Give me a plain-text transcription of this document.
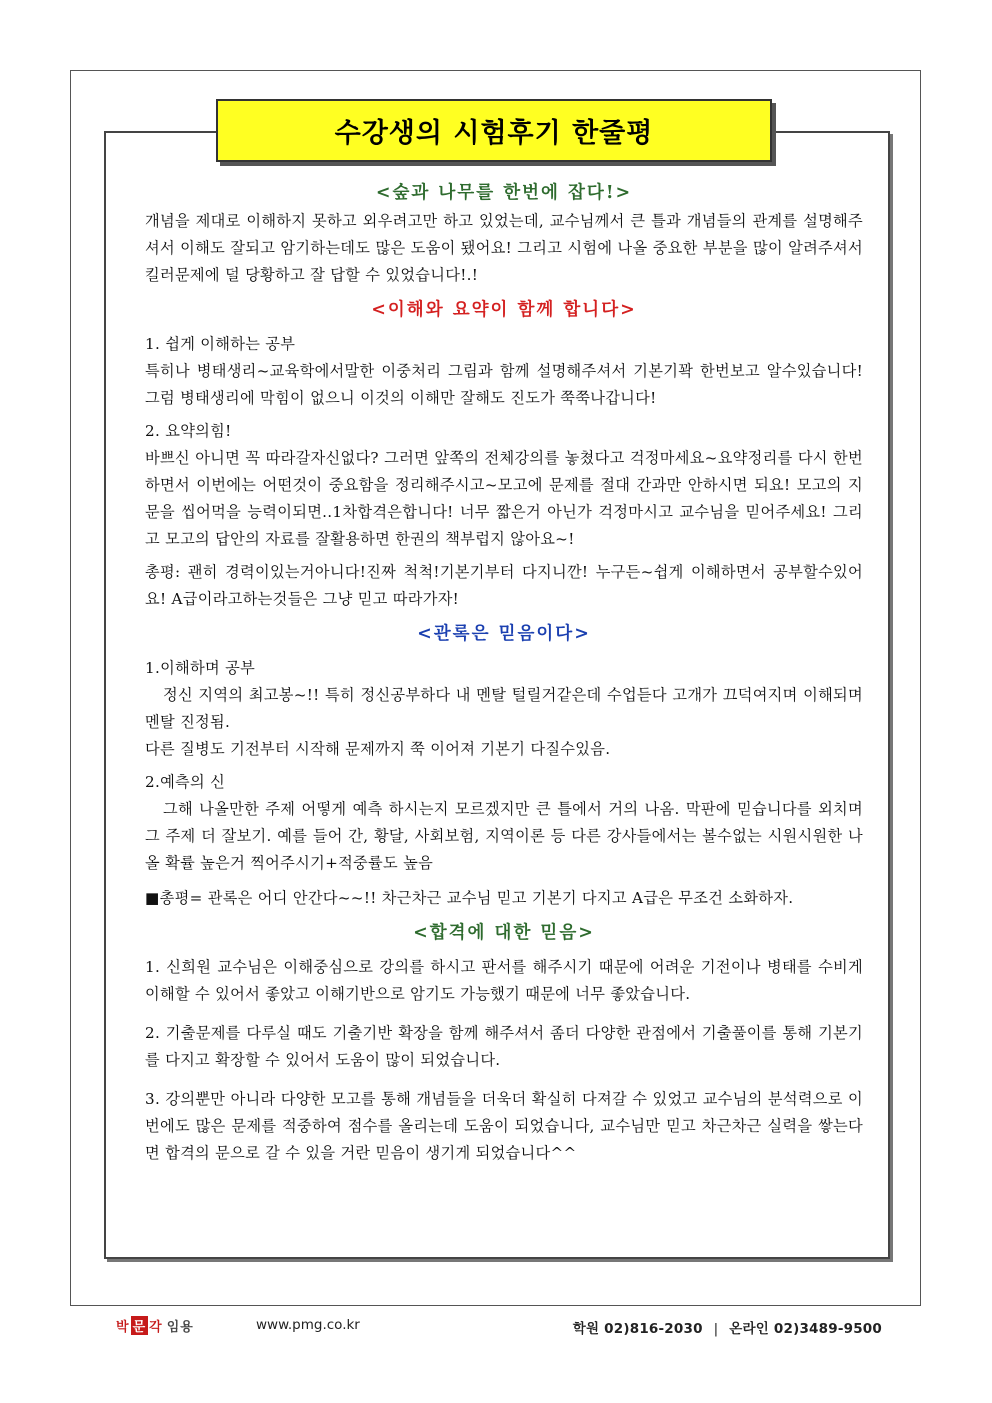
수강생의 시험후기 한줄평

<숲과 나무를 한번에 잡다!>

개념을 제대로 이해하지 못하고 외우려고만 하고 있었는데, 교수님께서 큰 틀과 개념들의 관계를 설명해주셔서 이해도 잘되고 암기하는데도 많은 도움이 됐어요! 그리고 시험에 나올 중요한 부분을 많이 알려주셔서 킬러문제에 덜 당황하고 잘 답할 수 있었습니다!.!

<이해와 요약이 함께 합니다>

1. 쉽게 이해하는 공부

특히나 병태생리~교육학에서말한 이중처리 그림과 함께 설명해주셔서 기본기꽉 한번보고 알수있습니다! 그럼 병태생리에 막힘이 없으니 이것의 이해만 잘해도 진도가 쭉쭉나갑니다!

2. 요약의힘!

바쁘신 아니면 꼭 따라갈자신없다? 그러면 앞쪽의 전체강의를 놓쳤다고 걱정마세요~요약정리를 다시 한번 하면서 이번에는 어떤것이 중요함을 정리해주시고~모고에 문제를 절대 간과만 안하시면 되요! 모고의 지문을 씹어먹을 능력이되면..1차합격은합니다! 너무 짧은거 아닌가 걱정마시고 교수님을 믿어주세요! 그리고 모고의 답안의 자료를 잘활용하면 한권의 책부럽지 않아요~!

총평: 괜히 경력이있는거아니다!진짜 척척!기본기부터 다지니깐! 누구든~쉽게 이해하면서 공부할수있어요! A급이라고하는것들은 그냥 믿고 따라가자!

<관록은 믿음이다>

1.이해하며 공부

정신 지역의 최고봉~!! 특히 정신공부하다 내 멘탈 털릴거같은데 수업듣다 고개가 끄덕여지며 이해되며 멘탈 진정됨.

다른 질병도 기전부터 시작해 문제까지 쭉 이어져 기본기 다질수있음.

2.예측의 신

그해 나올만한 주제 어떻게 예측 하시는지 모르겠지만 큰 틀에서 거의 나옴. 막판에 믿습니다를 외치며 그 주제 더 잘보기. 예를 들어 간, 황달, 사회보험, 지역이론 등 다른 강사들에서는 볼수없는 시원시원한 나올 확률 높은거 찍어주시기+적중률도 높음

■총평= 관록은 어디 안간다~~!! 차근차근 교수님 믿고 기본기 다지고 A급은 무조건 소화하자.

<합격에 대한 믿음>

1. 신희원 교수님은 이해중심으로 강의를 하시고 판서를 해주시기 때문에 어려운 기전이나 병태를 수비게 이해할 수 있어서 좋았고 이해기반으로 암기도 가능했기 때문에 너무 좋았습니다.

2. 기출문제를 다루실 때도 기출기반 확장을 함께 해주셔서 좀더 다양한 관점에서 기출풀이를 통해 기본기를 다지고 확장할 수 있어서 도움이 많이 되었습니다.

3. 강의뿐만 아니라 다양한 모고를 통해 개념들을 더욱더 확실히 다져갈 수 있었고 교수님의 분석력으로 이번에도 많은 문제를 적중하여 점수를 올리는데 도움이 되었습니다, 교수님만 믿고 차근차근 실력을 쌓는다면 합격의 문으로 갈 수 있을 거란 믿음이 생기게 되었습니다^^

박 문 각 임용	www.pmg.co.kr	학원 02)816-2030 | 온라인 02)3489-9500
